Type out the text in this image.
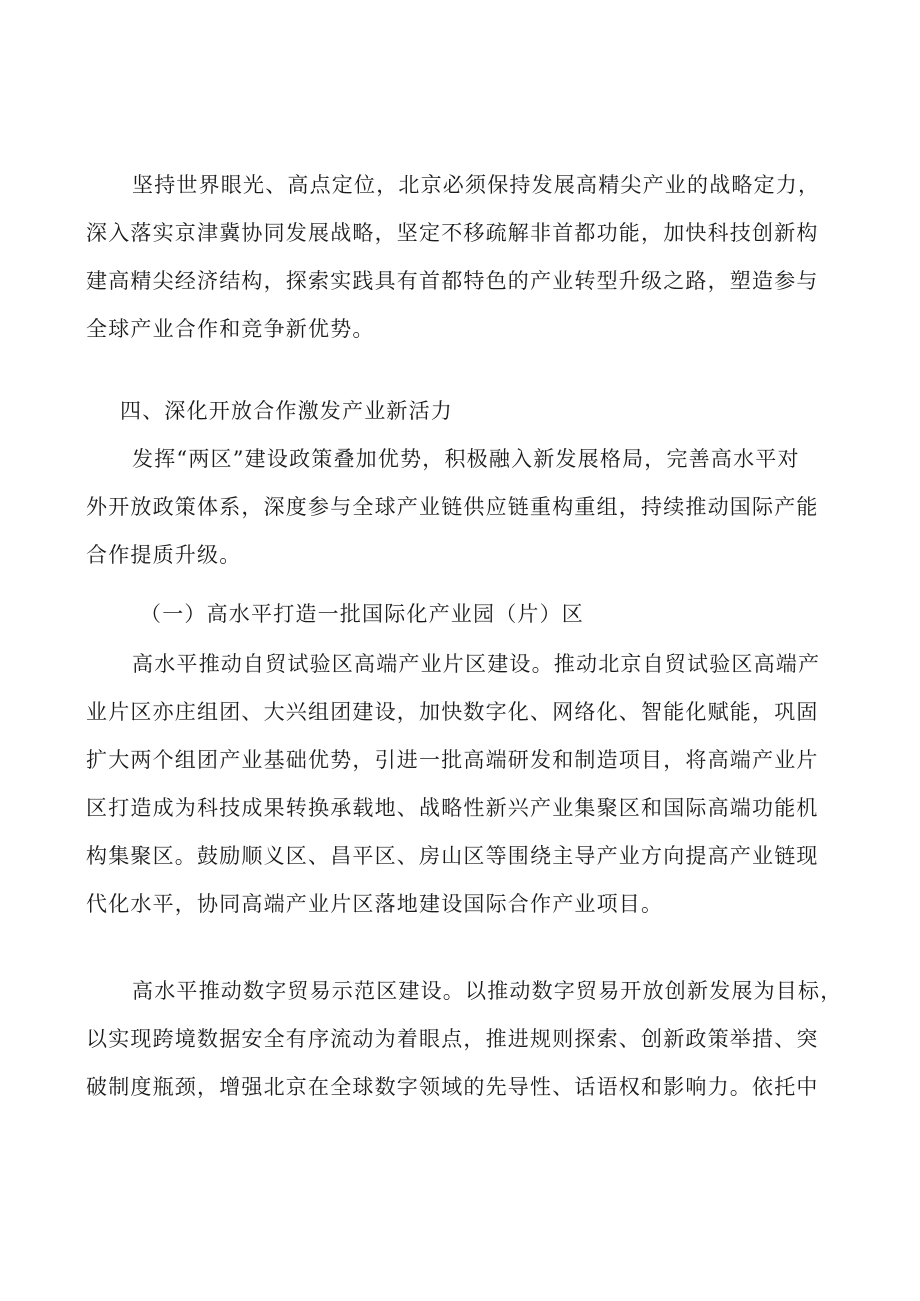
坚持世界眼光、高点定位，北京必须保持发展高精尖产业的战略定力，
深入落实京津冀协同发展战略，坚定不移疏解非首都功能，加快科技创新构
建高精尖经济结构，探索实践具有首都特色的产业转型升级之路，塑造参与
全球产业合作和竞争新优势。
四、深化开放合作激发产业新活力
发挥“两区”建设政策叠加优势，积极融入新发展格局，完善高水平对
外开放政策体系，深度参与全球产业链供应链重构重组，持续推动国际产能
合作提质升级。
（一）高水平打造一批国际化产业园（片）区
高水平推动自贸试验区高端产业片区建设。推动北京自贸试验区高端产
业片区亦庄组团、大兴组团建设，加快数字化、网络化、智能化赋能，巩固
扩大两个组团产业基础优势，引进一批高端研发和制造项目，将高端产业片
区打造成为科技成果转换承载地、战略性新兴产业集聚区和国际高端功能机
构集聚区。鼓励顺义区、昌平区、房山区等围绕主导产业方向提高产业链现
代化水平，协同高端产业片区落地建设国际合作产业项目。
高水平推动数字贸易示范区建设。以推动数字贸易开放创新发展为目标，
以实现跨境数据安全有序流动为着眼点，推进规则探索、创新政策举措、突
破制度瓶颈，增强北京在全球数字领域的先导性、话语权和影响力。依托中
